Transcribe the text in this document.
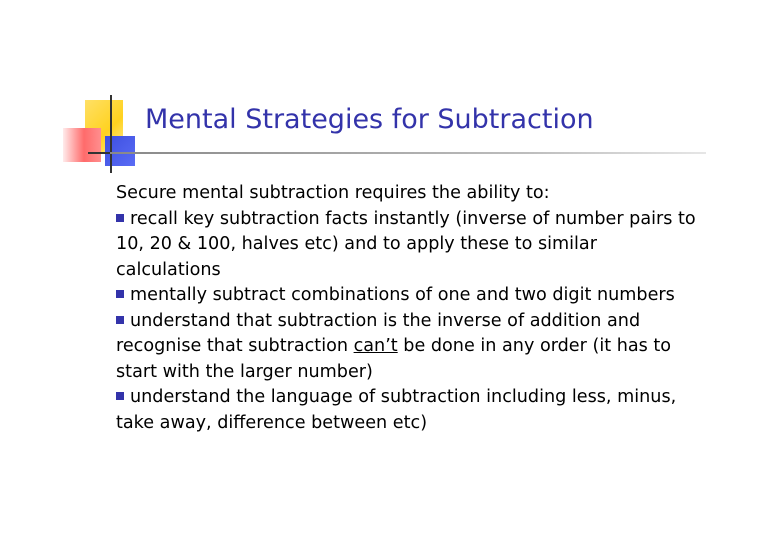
Mental Strategies for Subtraction

Secure mental subtraction requires the ability to:

recall key subtraction facts instantly (inverse of number pairs to 10, 20 & 100, halves etc) and to apply these to similar calculations

mentally subtract combinations of one and two digit numbers

understand that subtraction is the inverse of addition and recognise that subtraction can’t be done in any order (it has to start with the larger number)

understand the language of subtraction including less, minus, take away, difference between etc)
